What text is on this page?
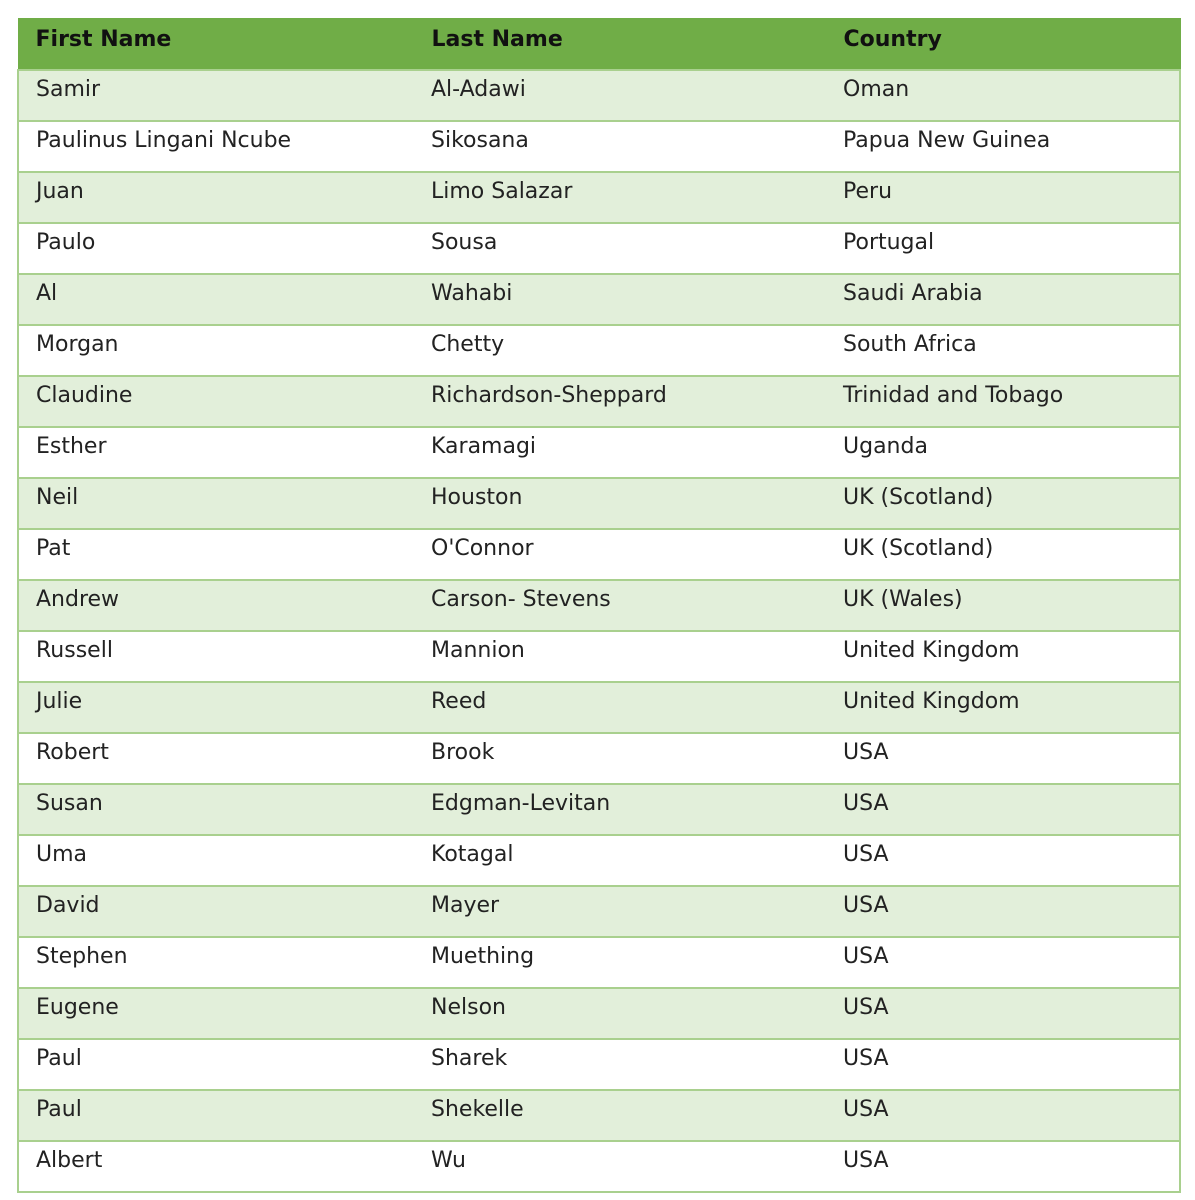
First Name	Last Name	Country
Samir	Al-Adawi	Oman
Paulinus Lingani Ncube	Sikosana	Papua New Guinea
Juan	Limo Salazar	Peru
Paulo	Sousa	Portugal
Al	Wahabi	Saudi Arabia
Morgan	Chetty	South Africa
Claudine	Richardson-Sheppard	Trinidad and Tobago
Esther	Karamagi	Uganda
Neil	Houston	UK (Scotland)
Pat	O'Connor	UK (Scotland)
Andrew	Carson- Stevens	UK (Wales)
Russell	Mannion	United Kingdom
Julie	Reed	United Kingdom
Robert	Brook	USA
Susan	Edgman-Levitan	USA
Uma	Kotagal	USA
David	Mayer	USA
Stephen	Muething	USA
Eugene	Nelson	USA
Paul	Sharek	USA
Paul	Shekelle	USA
Albert	Wu	USA
